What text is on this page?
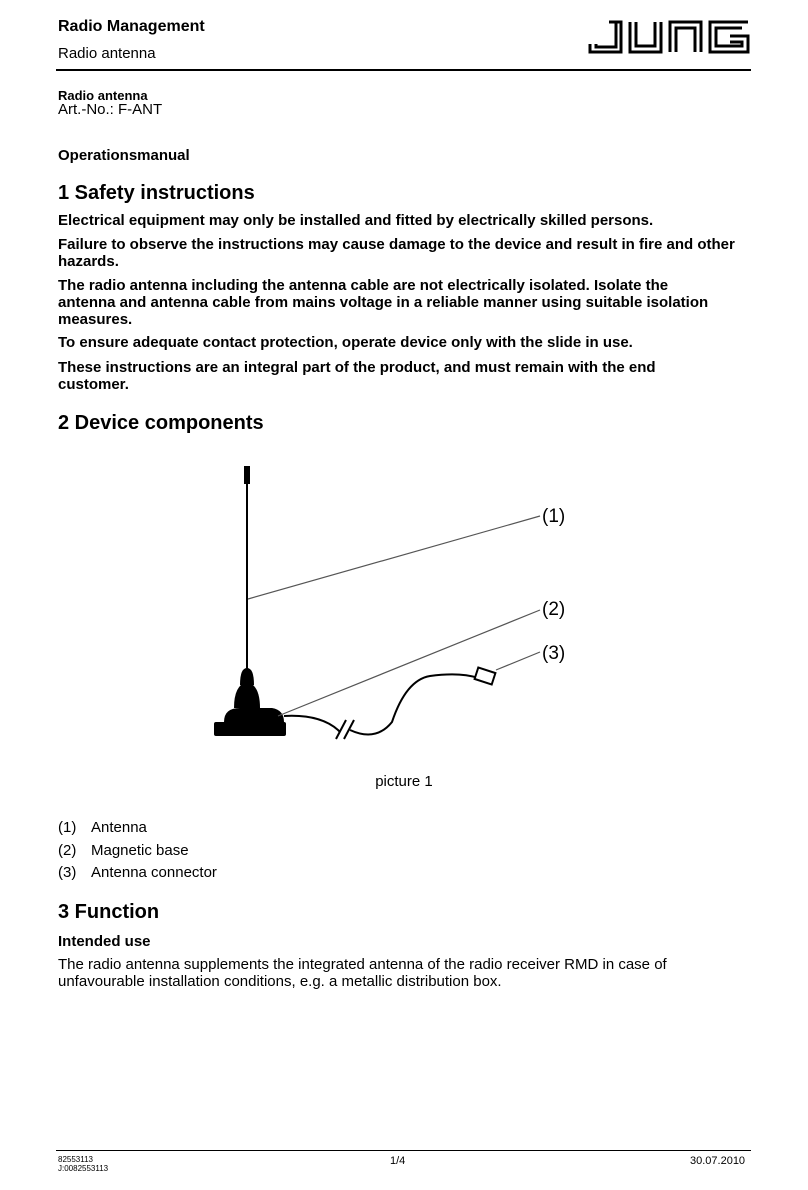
Radio Management
Radio antenna
Radio antenna
Art.-No.: F-ANT
Operationsmanual
1 Safety instructions
Electrical equipment may only be installed and fitted by electrically skilled persons.
Failure to observe the instructions may cause damage to the device and result in fire and other hazards.
The radio antenna including the antenna cable are not electrically isolated. Isolate the antenna and antenna cable from mains voltage in a reliable manner using suitable isolation measures.
To ensure adequate contact protection, operate device only with the slide in use.
These instructions are an integral part of the product, and must remain with the end customer.
2 Device components
(1)
(2)
(3)
picture 1
(1) Antenna
(2) Magnetic base
(3) Antenna connector
3 Function
Intended use
The radio antenna supplements the integrated antenna of the radio receiver RMD in case of unfavourable installation conditions, e.g. a metallic distribution box.
82553113
J:0082553113
1/4	30.07.2010
